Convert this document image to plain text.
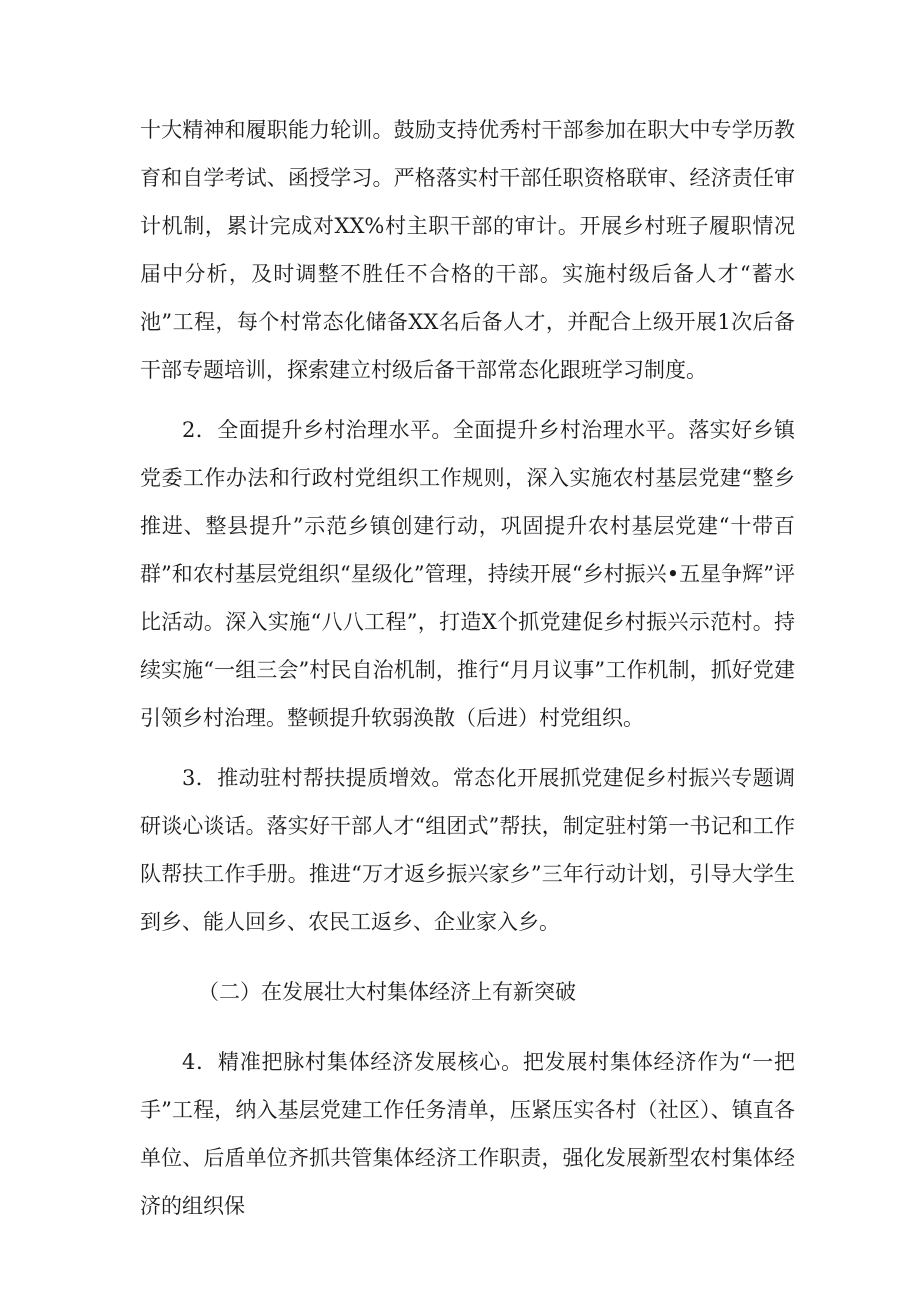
十大精神和履职能力轮训。鼓励支持优秀村干部参加在职大中专学历教育和自学考试、函授学习。严格落实村干部任职资格联审、经济责任审计机制，累计完成对XX%村主职干部的审计。开展乡村班子履职情况届中分析，及时调整不胜任不合格的干部。实施村级后备人才“蓄水池”工程，每个村常态化储备XX名后备人才，并配合上级开展1次后备干部专题培训，探索建立村级后备干部常态化跟班学习制度。

2．全面提升乡村治理水平。全面提升乡村治理水平。落实好乡镇党委工作办法和行政村党组织工作规则，深入实施农村基层党建“整乡推进、整县提升”示范乡镇创建行动，巩固提升农村基层党建“十带百群”和农村基层党组织“星级化”管理，持续开展“乡村振兴•五星争辉”评比活动。深入实施“八八工程”，打造X个抓党建促乡村振兴示范村。持续实施“一组三会”村民自治机制，推行“月月议事”工作机制，抓好党建引领乡村治理。整顿提升软弱涣散（后进）村党组织。

3．推动驻村帮扶提质增效。常态化开展抓党建促乡村振兴专题调研谈心谈话。落实好干部人才“组团式”帮扶，制定驻村第一书记和工作队帮扶工作手册。推进“万才返乡振兴家乡”三年行动计划，引导大学生到乡、能人回乡、农民工返乡、企业家入乡。

（二）在发展壮大村集体经济上有新突破

4．精准把脉村集体经济发展核心。把发展村集体经济作为“一把手”工程，纳入基层党建工作任务清单，压紧压实各村（社区）、镇直各单位、后盾单位齐抓共管集体经济工作职责，强化发展新型农村集体经济的组织保
